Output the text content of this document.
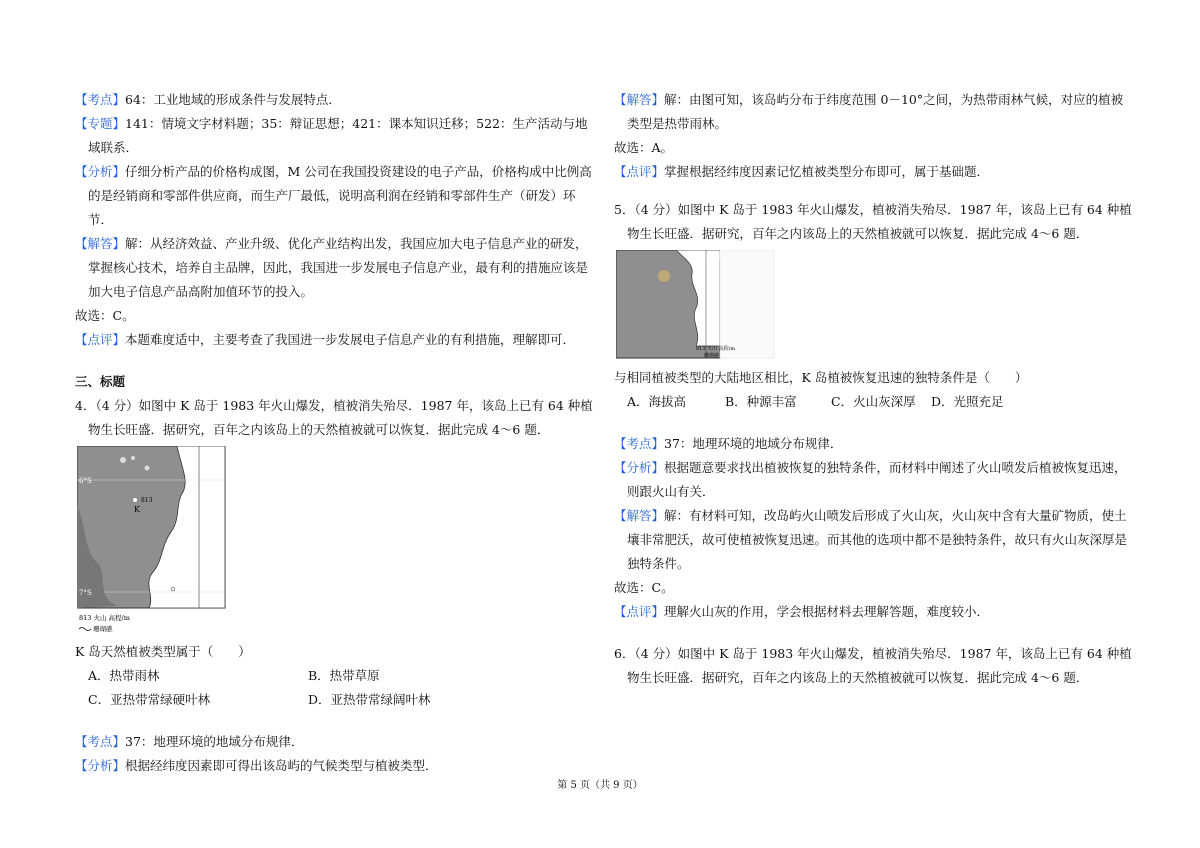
【考点】64：工业地域的形成条件与发展特点．

【专题】141：情境文字材料题；35：辩证思想；421：课本知识迁移；522：生产活动与地域联系．

【分析】仔细分析产品的价格构成图，M 公司在我国投资建设的电子产品，价格构成中比例高的是经销商和零部件供应商，而生产厂最低，说明高利润在经销和零部件生产（研发）环节．

【解答】解：从经济效益、产业升级、优化产业结构出发，我国应加大电子信息产业的研发，掌握核心技术，培养自主品牌，因此，我国进一步发展电子信息产业，最有利的措施应该是加大电子信息产品高附加值环节的投入。

故选：C。

【点评】本题难度适中，主要考查了我国进一步发展电子信息产业的有利措施，理解即可．

三、标题

4．（4 分）如图中 K 岛于 1983 年火山爆发，植被消失殆尽．1987 年，该岛上已有 64 种植物生长旺盛．据研究，百年之内该岛上的天然植被就可以恢复．据此完成 4～6 题．

105°E
6°S
7°S
K
813
813 火山 高程/m
珊瑚礁

K 岛天然植被类型属于（　　）

A．热带雨林	B．热带草原
C．亚热带常绿硬叶林	D．亚热带常绿阔叶林

【考点】37：地理环境的地域分布规律．

【分析】根据经纬度因素即可得出该岛屿的气候类型与植被类型．

【解答】解：由图可知，该岛屿分布于纬度范围 0－10°之间，为热带雨林气候，对应的植被类型是热带雨林。

故选：A。

【点评】掌握根据经纬度因素记忆植被类型分布即可，属于基础题．

5．（4 分）如图中 K 岛于 1983 年火山爆发，植被消失殆尽．1987 年，该岛上已有 64 种植物生长旺盛．据研究，百年之内该岛上的天然植被就可以恢复．据此完成 4～6 题．

105°E
813 火山 高程/m
珊瑚礁

与相同植被类型的大陆地区相比，K 岛植被恢复迅速的独特条件是（　　）

A．海拔高	B．种源丰富	C．火山灰深厚	D．光照充足

【考点】37：地理环境的地域分布规律．

【分析】根据题意要求找出植被恢复的独特条件，而材料中阐述了火山喷发后植被恢复迅速，则跟火山有关．

【解答】解：有材料可知，改岛屿火山喷发后形成了火山灰，火山灰中含有大量矿物质，使土壤非常肥沃，故可使植被恢复迅速。而其他的选项中都不是独特条件，故只有火山灰深厚是独特条件。

故选：C。

【点评】理解火山灰的作用，学会根据材料去理解答题，难度较小．

6．（4 分）如图中 K 岛于 1983 年火山爆发，植被消失殆尽．1987 年，该岛上已有 64 种植物生长旺盛．据研究，百年之内该岛上的天然植被就可以恢复．据此完成 4～6 题．

第 5 页（共 9 页）
